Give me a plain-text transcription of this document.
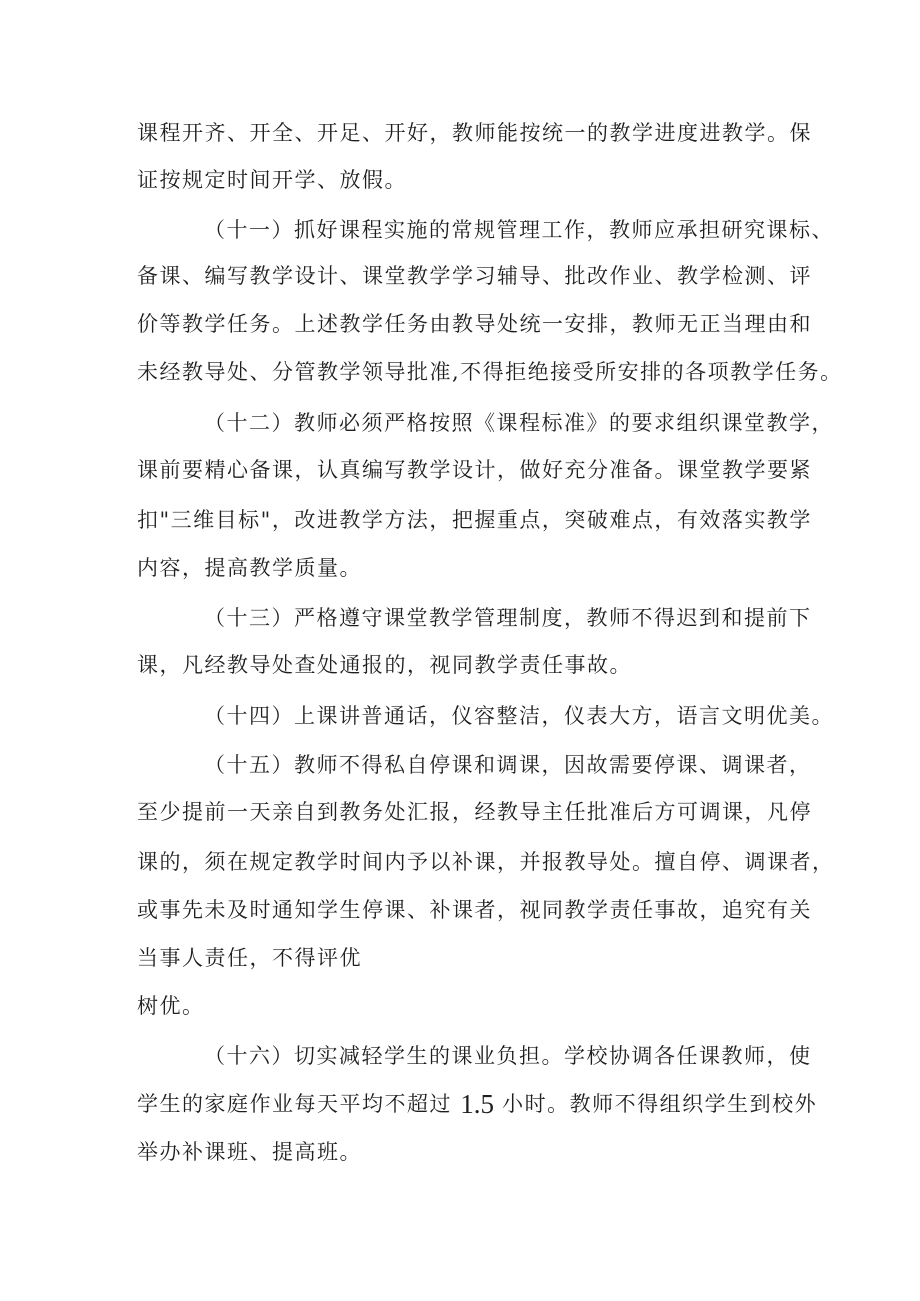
课程开齐、开全、开足、开好，教师能按统一的教学进度进教学。保
证按规定时间开学、放假。
（十一）抓好课程实施的常规管理工作，教师应承担研究课标、
备课、编写教学设计、课堂教学学习辅导、批改作业、教学检测、评
价等教学任务。上述教学任务由教导处统一安排，教师无正当理由和
未经教导处、分管教学领导批准,不得拒绝接受所安排的各项教学任务。
（十二）教师必须严格按照《课程标准》的要求组织课堂教学，
课前要精心备课，认真编写教学设计，做好充分准备。课堂教学要紧
扣"三维目标"，改进教学方法，把握重点，突破难点，有效落实教学
内容，提高教学质量。
（十三）严格遵守课堂教学管理制度，教师不得迟到和提前下
课，凡经教导处查处通报的，视同教学责任事故。
（十四）上课讲普通话，仪容整洁，仪表大方，语言文明优美。
（十五）教师不得私自停课和调课，因故需要停课、调课者，
至少提前一天亲自到教务处汇报，经教导主任批准后方可调课，凡停
课的，须在规定教学时间内予以补课，并报教导处。擅自停、调课者，
或事先未及时通知学生停课、补课者，视同教学责任事故，追究有关
当事人责任，不得评优
树优。
（十六）切实减轻学生的课业负担。学校协调各任课教师，使
学生的家庭作业每天平均不超过 1.5 小时。教师不得组织学生到校外
举办补课班、提高班。
